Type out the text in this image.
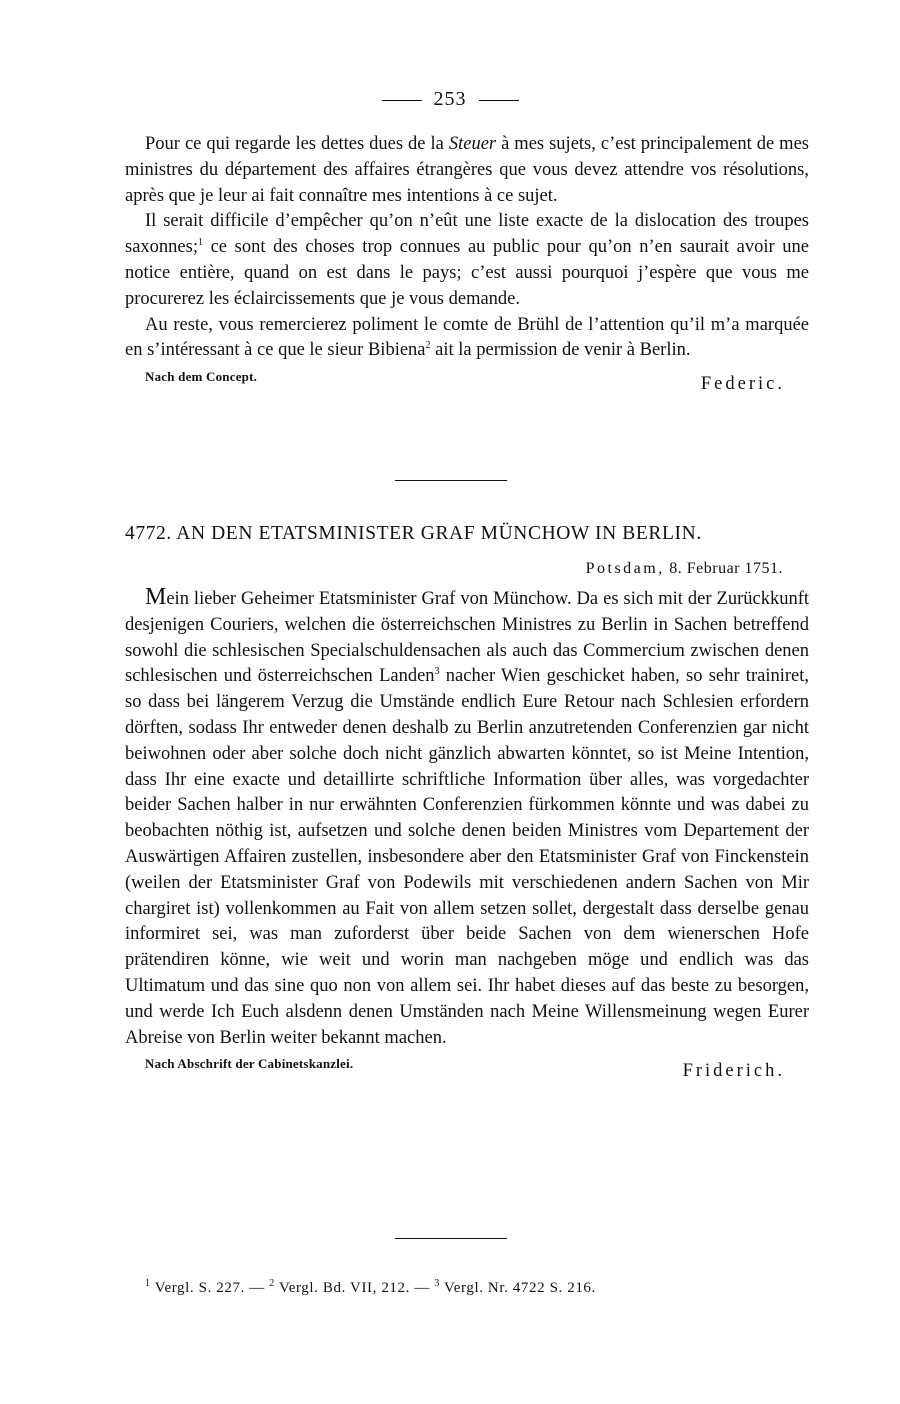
253

Pour ce qui regarde les dettes dues de la Steuer à mes sujets, c’est principalement de mes ministres du département des affaires étrangères que vous devez attendre vos résolutions, après que je leur ai fait connaître mes intentions à ce sujet.

Il serait difficile d’empêcher qu’on n’eût une liste exacte de la dislocation des troupes saxonnes;$^1$ ce sont des choses trop connues au public pour qu’on n’en saurait avoir une notice entière, quand on est dans le pays; c’est aussi pourquoi j’espère que vous me procurerez les éclaircissements que je vous demande.

Au reste, vous remercierez poliment le comte de Brühl de l’attention qu’il m’a marquée en s’intéressant à ce que le sieur Bibiena$^2$ ait la permission de venir à Berlin.

Federic.
Nach dem Concept.
4772. AN DEN ETATSMINISTER GRAF MÜNCHOW IN BERLIN.
Potsdam, 8. Februar 1751.

Mein lieber Geheimer Etatsminister Graf von Münchow. Da es sich mit der Zurückkunft desjenigen Couriers, welchen die österreichschen Ministres zu Berlin in Sachen betreffend sowohl die schlesischen Specialschuldensachen als auch das Commercium zwischen denen schlesischen und österreichschen Landen$^3$ nacher Wien geschicket haben, so sehr trainiret, so dass bei längerem Verzug die Umstände endlich Eure Retour nach Schlesien erfordern dörften, sodass Ihr entweder denen deshalb zu Berlin anzutretenden Conferenzien gar nicht beiwohnen oder aber solche doch nicht gänzlich abwarten könntet, so ist Meine Intention, dass Ihr eine exacte und detaillirte schriftliche Information über alles, was vorgedachter beider Sachen halber in nur erwähnten Conferenzien fürkommen könnte und was dabei zu beobachten nöthig ist, aufsetzen und solche denen beiden Ministres vom Departement der Auswärtigen Affairen zustellen, insbesondere aber den Etatsminister Graf von Finckenstein (weilen der Etatsminister Graf von Podewils mit verschiedenen andern Sachen von Mir chargiret ist) vollenkommen au Fait von allem setzen sollet, dergestalt dass derselbe genau informiret sei, was man zuforderst über beide Sachen von dem wienerschen Hofe prätendiren könne, wie weit und worin man nachgeben möge und endlich was das Ultimatum und das sine quo non von allem sei. Ihr habet dieses auf das beste zu besorgen, und werde Ich Euch alsdenn denen Umständen nach Meine Willensmeinung wegen Eurer Abreise von Berlin weiter bekannt machen.

Friderich.
Nach Abschrift der Cabinetskanzlei.
$^1$ Vergl. S. 227. — $^2$ Vergl. Bd. VII, 212. — $^3$ Vergl. Nr. 4722 S. 216.
